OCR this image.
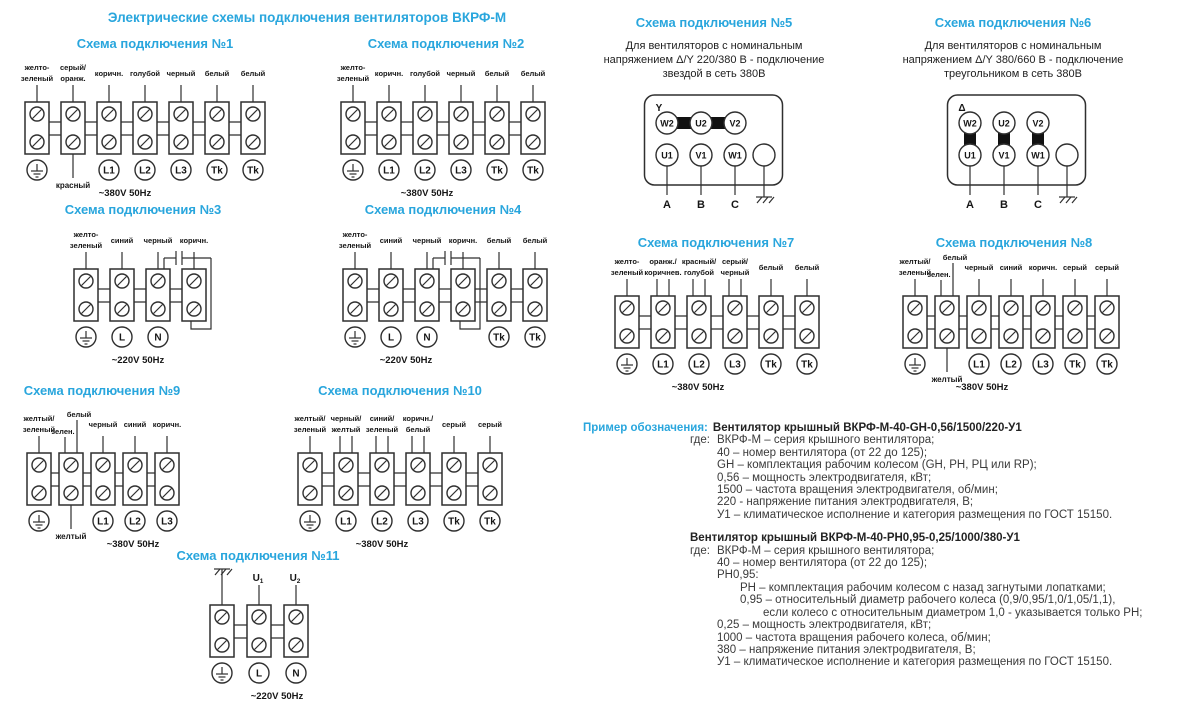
Электрические схемы подключения вентиляторов ВКРФ-М
Схема подключения №1
желто-
зеленый
серый/
оранж.
красный
коричн.
L1
голубой
L2
черный
L3
белый
Tk
белый
Tk
~380V 50Hz
Схема подключения №2
желто-
зеленый
коричн.
L1
голубой
L2
черный
L3
белый
Tk
белый
Tk
~380V 50Hz
Схема подключения №3
желто-
зеленый
синий
L
черный
N
коричн.
~220V 50Hz
Схема подключения №4
желто-
зеленый
синий
L
черный
N
коричн. белый
Tk
белый
Tk
~220V 50Hz
Схема подключения №5
Для вентиляторов с номинальным
напряжением Δ/Y 220/380 В - подключение
звездой в сеть 380В
Y
W2 U2	V2
U1
A
V1
B
W1
C
Схема подключения №6
Для вентиляторов с номинальным
напряжением Δ/Y 380/660 В - подключение
треугольником в сеть 380В
Δ
W2 U2	V2
U1
A
V1
B
W1
C
Схема подключения №7
желто-
зеленый
оранж./
коричнев.
L1
красный/
голубой
L2
серый/
черный
L3
белый
Tk
белый
Tk
~380V 50Hz
Схема подключения №8
желтый/
зеленый
белый
зелен.
желтый
черный
L1
синий
L2
коричн.
L3
серый
Tk
серый
Tk
~380V 50Hz
Схема подключения №9
желтый/
зеленый
белый
зелен.
желтый
черный
L1
синий
L2
коричн.
L3
~380V 50Hz
Схема подключения №10
желтый/
зеленый
черный/
желтый
L1
синий/
зеленый
L2
коричн./
белый
L3
серый
Tk
серый
Tk
~380V 50Hz
Схема подключения №11
$U_1$
L
$U_2$
N
~220V 50Hz
Пример обозначения: Вентилятор крышный ВКРФ-М-40-GH-0,56/1500/220-У1
где: ВКРФ-М – серия крышного вентилятора;
40 – номер вентилятора (от 22 до 125);
GH – комплектация рабочим колесом (GH, РН, РЦ или RP);
0,56 – мощность электродвигателя, кВт;
1500 – частота вращения электродвигателя, об/мин;
220 - напряжение питания электродвигателя, В;
У1 – климатическое исполнение и категория размещения по ГОСТ 15150.
Вентилятор крышный ВКРФ-М-40-РН0,95-0,25/1000/380-У1
где: ВКРФ-М – серия крышного вентилятора;
40 – номер вентилятора (от 22 до 125);
РН0,95:
РН – комплектация рабочим колесом с назад загнутыми лопатками;
0,95 – относительный диаметр рабочего колеса (0,9/0,95/1,0/1,05/1,1),
если колесо с относительным диаметром 1,0 - указывается только РН;
0,25 – мощность электродвигателя, кВт;
1000 – частота вращения рабочего колеса, об/мин;
380 – напряжение питания электродвигателя, В;
У1 – климатическое исполнение и категория размещения по ГОСТ 15150.
